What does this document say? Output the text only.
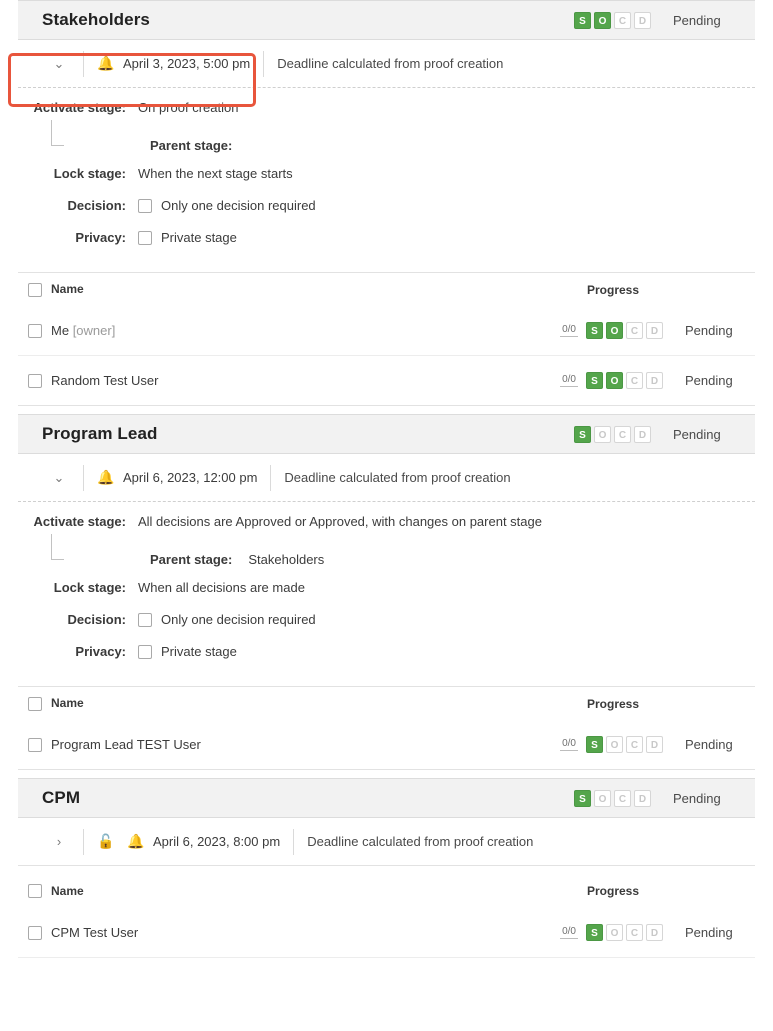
Stakeholders	S	O	C	D	Pending
⌄	🔔 April 3, 2023, 5:00 pm Deadline calculated from proof creation
Activate stage: On proof creation
Parent stage:
Lock stage: When the next stage starts
Decision:	Only one decision required
Privacy:	Private stage
Name	Progress
Me [owner]	0/0	S	O	C	D	Pending
Random Test User	0/0	S	O	C	D	Pending
Program Lead	S	O	C	D	Pending
⌄	🔔 April 6, 2023, 12:00 pm Deadline calculated from proof creation
Activate stage: All decisions are Approved or Approved, with changes on parent stage
Parent stage: Stakeholders
Lock stage: When all decisions are made
Decision:	Only one decision required
Privacy:	Private stage
Name	Progress
Program Lead TEST User	0/0	S	O	C	D	Pending
CPM	S	O	C	D	Pending
›	🔓 🔔 April 6, 2023, 8:00 pm Deadline calculated from proof creation
Name	Progress
CPM Test User	0/0	S	O	C	D	Pending
